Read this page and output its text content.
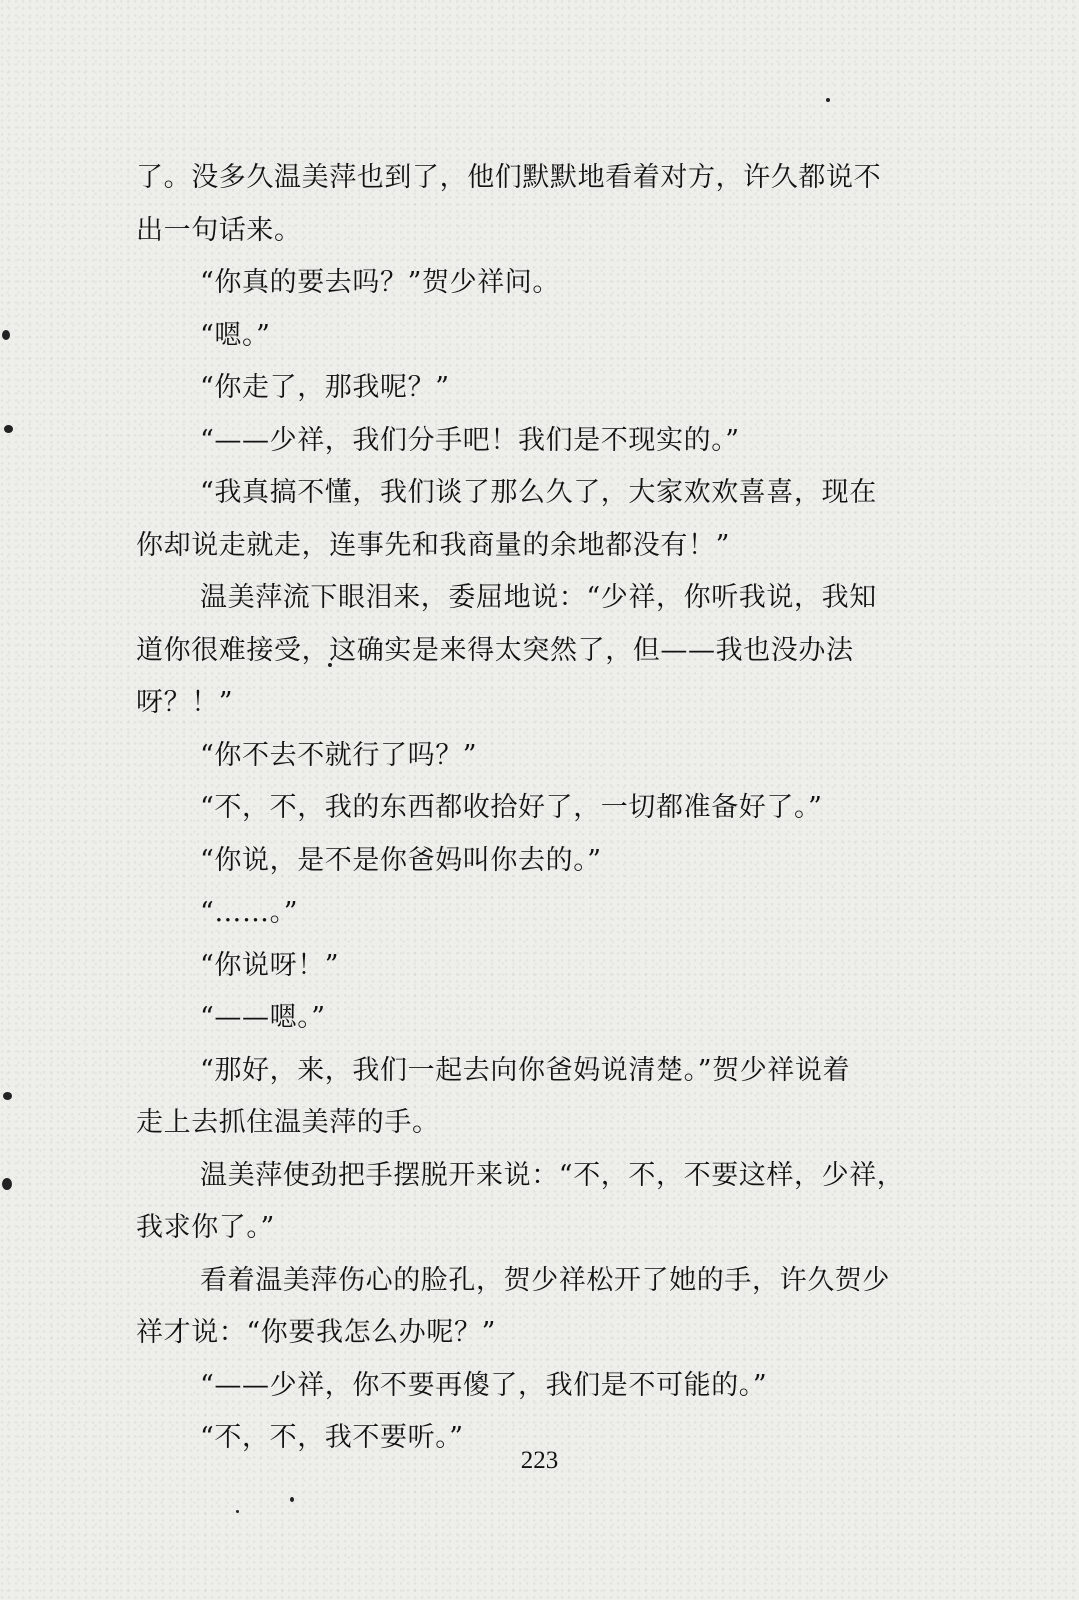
了。没多久温美萍也到了，他们默默地看着对方，许久都说不
出一句话来。
“你真的要去吗？”贺少祥问。
“嗯。”
“你走了，那我呢？”
“——少祥，我们分手吧！我们是不现实的。”
“我真搞不懂，我们谈了那么久了，大家欢欢喜喜，现在
你却说走就走，连事先和我商量的余地都没有！”
温美萍流下眼泪来，委屈地说：“少祥，你听我说，我知
道你很难接受，这确实是来得太突然了，但——我也没办法
呀？！”
“你不去不就行了吗？”
“不，不，我的东西都收拾好了，一切都准备好了。”
“你说，是不是你爸妈叫你去的。”
“……。”
“你说呀！”
“——嗯。”
“那好，来，我们一起去向你爸妈说清楚。”贺少祥说着
走上去抓住温美萍的手。
温美萍使劲把手摆脱开来说：“不，不，不要这样，少祥，
我求你了。”
看着温美萍伤心的脸孔，贺少祥松开了她的手，许久贺少
祥才说：“你要我怎么办呢？”
“——少祥，你不要再傻了，我们是不可能的。”
“不，不，我不要听。”
223
